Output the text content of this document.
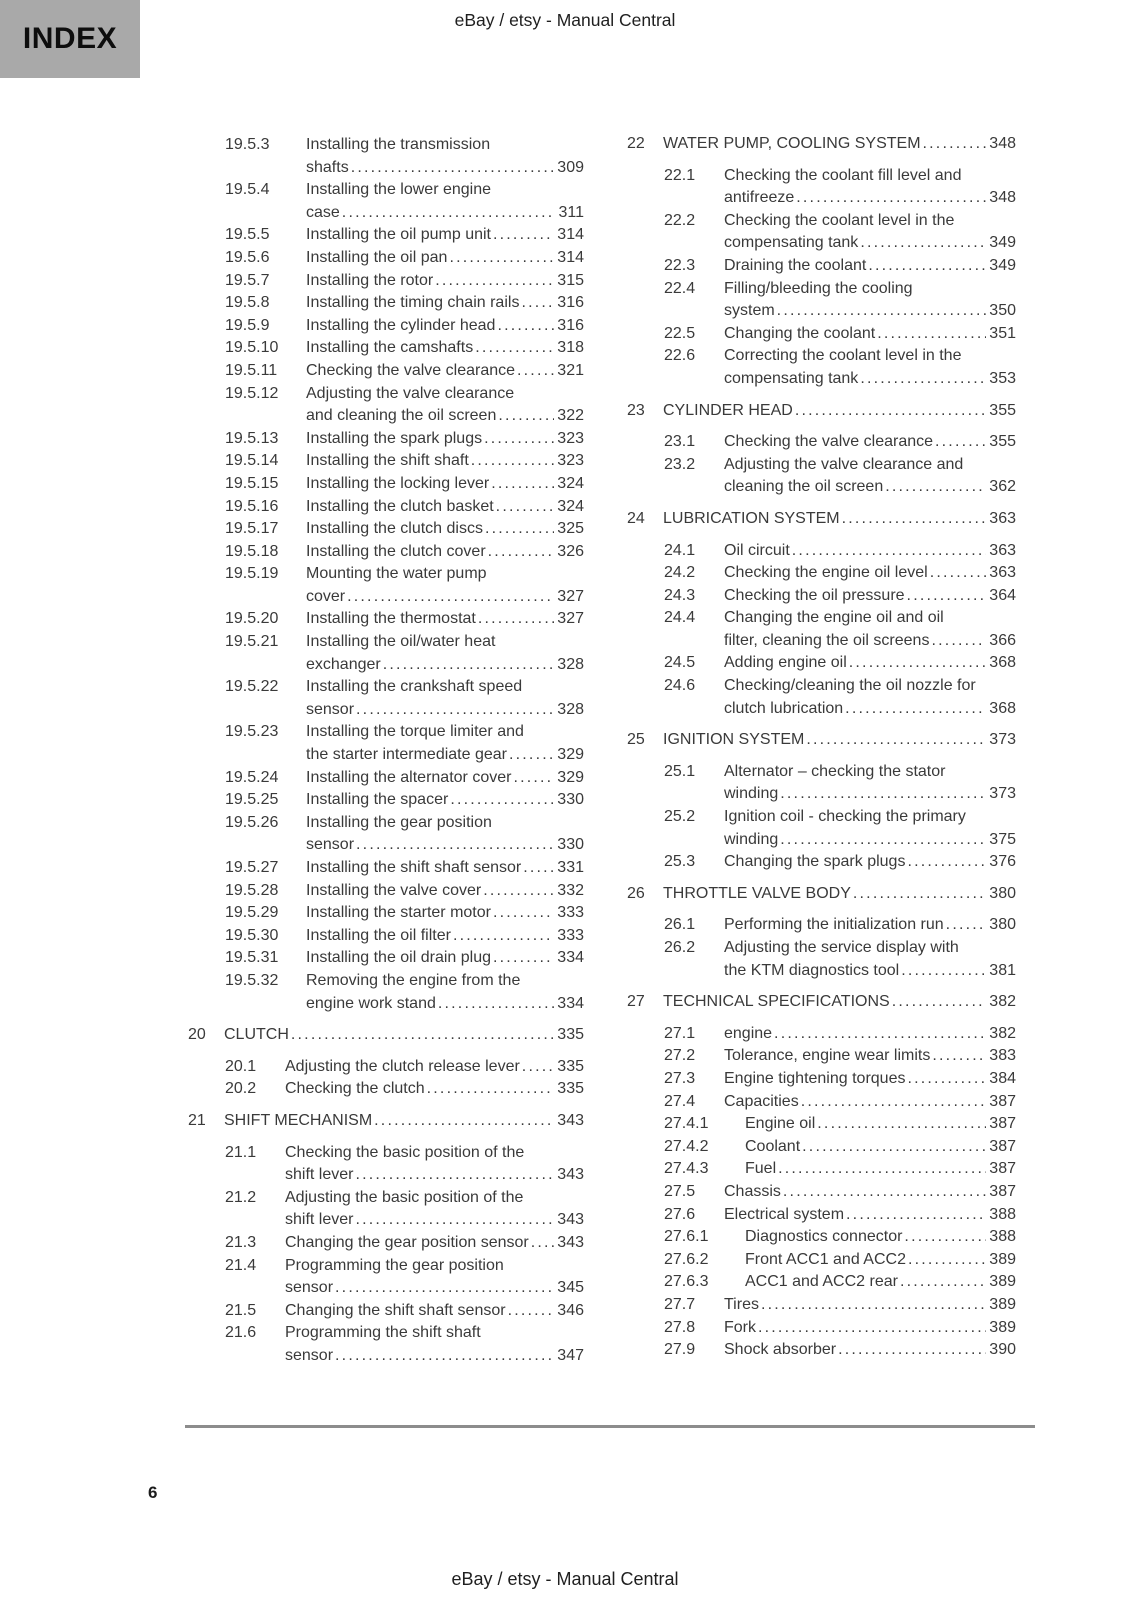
INDEX
eBay / etsy - Manual Central
19.5.3	Installing the transmission
shafts .....	309
19.5.4	Installing the lower engine
case .....	311
19.5.5	Installing the oil pump unit .....	314
19.5.6	Installing the oil pan .....	314
19.5.7	Installing the rotor .....	315
19.5.8	Installing the timing chain rails ..... 316
19.5.9	Installing the cylinder head .....	316
19.5.10	Installing the camshafts .....	318
19.5.11	Checking the valve clearance .....	321
19.5.12	Adjusting the valve clearance
and cleaning the oil screen .....	322
19.5.13	Installing the spark plugs .....	323
19.5.14	Installing the shift shaft .....	323
19.5.15	Installing the locking lever .....	324
19.5.16	Installing the clutch basket .....	324
19.5.17	Installing the clutch discs .....	325
19.5.18	Installing the clutch cover .....	326
19.5.19	Mounting the water pump
cover .....	327
19.5.20	Installing the thermostat .....	327
19.5.21	Installing the oil/water heat
exchanger .....	328
19.5.22	Installing the crankshaft speed
sensor .....	328
19.5.23	Installing the torque limiter and
the starter intermediate gear .....	329
19.5.24	Installing the alternator cover .....	329
19.5.25	Installing the spacer .....	330
19.5.26	Installing the gear position
sensor .....	330
19.5.27	Installing the shift shaft sensor ..... 331
19.5.28	Installing the valve cover .....	332
19.5.29	Installing the starter motor .....	333
19.5.30	Installing the oil filter .....	333
19.5.31	Installing the oil drain plug .....	334
19.5.32	Removing the engine from the
engine work stand .....	334
20	CLUTCH .....	335
20.1	Adjusting the clutch release lever ..... 335
20.2	Checking the clutch .....	335
21	SHIFT MECHANISM .....	343
21.1	Checking the basic position of the
shift lever .....	343
21.2	Adjusting the basic position of the
shift lever .....	343
21.3	Changing the gear position sensor ..... 343
21.4	Programming the gear position
sensor .....	345
21.5	Changing the shift shaft sensor .....	346
21.6	Programming the shift shaft
sensor .....	347
22	WATER PUMP, COOLING SYSTEM .....	348
22.1	Checking the coolant fill level and
antifreeze .....	348
22.2	Checking the coolant level in the
compensating tank .....	349
22.3	Draining the coolant .....	349
22.4	Filling/bleeding the cooling
system .....	350
22.5	Changing the coolant .....	351
22.6	Correcting the coolant level in the
compensating tank .....	353
23	CYLINDER HEAD .....	355
23.1	Checking the valve clearance .....	355
23.2	Adjusting the valve clearance and
cleaning the oil screen .....	362
24	LUBRICATION SYSTEM .....	363
24.1	Oil circuit .....	363
24.2	Checking the engine oil level .....	363
24.3	Checking the oil pressure .....	364
24.4	Changing the engine oil and oil
filter, cleaning the oil screens .....	366
24.5	Adding engine oil .....	368
24.6	Checking/cleaning the oil nozzle for
clutch lubrication .....	368
25	IGNITION SYSTEM .....	373
25.1	Alternator – checking the stator
winding .....	373
25.2	Ignition coil - checking the primary
winding .....	375
25.3	Changing the spark plugs .....	376
26	THROTTLE VALVE BODY .....	380
26.1	Performing the initialization run .....	380
26.2	Adjusting the service display with
the KTM diagnostics tool .....	381
27	TECHNICAL SPECIFICATIONS .....	382
27.1	engine .....	382
27.2	Tolerance, engine wear limits .....	383
27.3	Engine tightening torques .....	384
27.4	Capacities .....	387
27.4.1	Engine oil .....	387
27.4.2	Coolant .....	387
27.4.3	Fuel .....	387
27.5	Chassis .....	387
27.6	Electrical system .....	388
27.6.1	Diagnostics connector .....	388
27.6.2	Front ACC1 and ACC2 .....	389
27.6.3	ACC1 and ACC2 rear .....	389
27.7	Tires .....	389
27.8	Fork .....	389
27.9	Shock absorber .....	390
6
eBay / etsy - Manual Central
